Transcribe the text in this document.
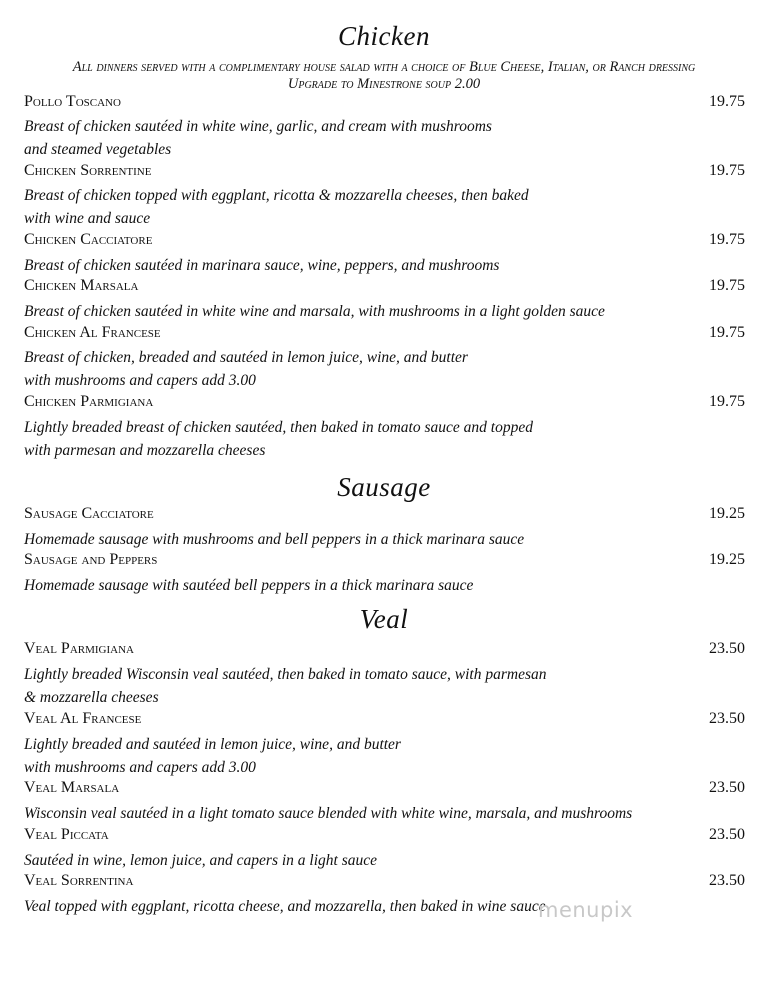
Chicken
All dinners served with a complimentary house salad with a choice of Blue Cheese, Italian, or Ranch dressing
Upgrade to Minestrone soup 2.00
Pollo Toscano	19.75
Breast of chicken sautéed in white wine, garlic, and cream with mushrooms
and steamed vegetables
Chicken Sorrentine	19.75
Breast of chicken topped with eggplant, ricotta & mozzarella cheeses, then baked
with wine and sauce
Chicken Cacciatore	19.75
Breast of chicken sautéed in marinara sauce, wine, peppers, and mushrooms
Chicken Marsala	19.75
Breast of chicken sautéed in white wine and marsala, with mushrooms in a light golden sauce
Chicken Al Francese	19.75
Breast of chicken, breaded and sautéed in lemon juice, wine, and butter
with mushrooms and capers add 3.00
Chicken Parmigiana	19.75
Lightly breaded breast of chicken sautéed, then baked in tomato sauce and topped
with parmesan and mozzarella cheeses
Sausage
Sausage Cacciatore	19.25
Homemade sausage with mushrooms and bell peppers in a thick marinara sauce
Sausage and Peppers	19.25
Homemade sausage with sautéed bell peppers in a thick marinara sauce
Veal
Veal Parmigiana	23.50
Lightly breaded Wisconsin veal sautéed, then baked in tomato sauce, with parmesan
& mozzarella cheeses
Veal Al Francese	23.50
Lightly breaded and sautéed in lemon juice, wine, and butter
with mushrooms and capers add 3.00
Veal Marsala	23.50
Wisconsin veal sautéed in a light tomato sauce blended with white wine, marsala, and mushrooms
Veal Piccata	23.50
Sautéed in wine, lemon juice, and capers in a light sauce
Veal Sorrentina	23.50
Veal topped with eggplant, ricotta cheese, and mozzarella, then baked in wine sauce
menupix
